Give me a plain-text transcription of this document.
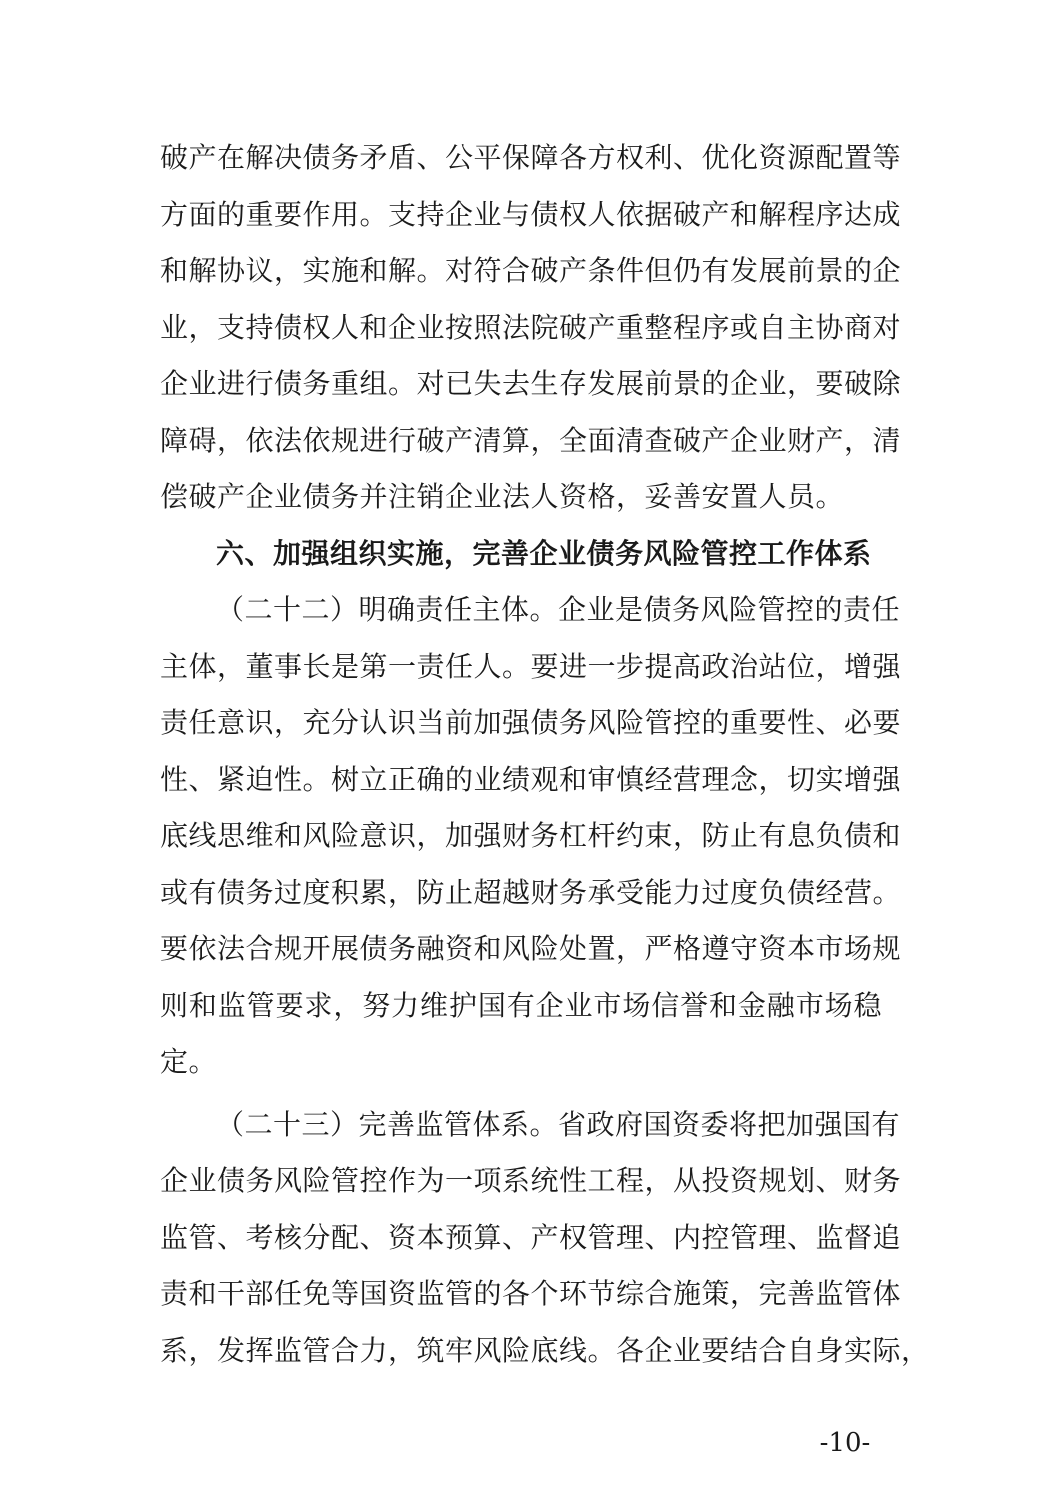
破产在解决债务矛盾、公平保障各方权利、优化资源配置等
方面的重要作用。支持企业与债权人依据破产和解程序达成
和解协议，实施和解。对符合破产条件但仍有发展前景的企
业，支持债权人和企业按照法院破产重整程序或自主协商对
企业进行债务重组。对已失去生存发展前景的企业，要破除
障碍，依法依规进行破产清算，全面清查破产企业财产，清
偿破产企业债务并注销企业法人资格，妥善安置人员。
六、加强组织实施，完善企业债务风险管控工作体系
（二十二）明确责任主体。企业是债务风险管控的责任
主体，董事长是第一责任人。要进一步提高政治站位，增强
责任意识，充分认识当前加强债务风险管控的重要性、必要
性、紧迫性。树立正确的业绩观和审慎经营理念，切实增强
底线思维和风险意识，加强财务杠杆约束，防止有息负债和
或有债务过度积累，防止超越财务承受能力过度负债经营。
要依法合规开展债务融资和风险处置，严格遵守资本市场规
则和监管要求，努力维护国有企业市场信誉和金融市场稳
定。
（二十三）完善监管体系。省政府国资委将把加强国有
企业债务风险管控作为一项系统性工程，从投资规划、财务
监管、考核分配、资本预算、产权管理、内控管理、监督追
责和干部任免等国资监管的各个环节综合施策，完善监管体
系，发挥监管合力，筑牢风险底线。各企业要结合自身实际，
-10-
